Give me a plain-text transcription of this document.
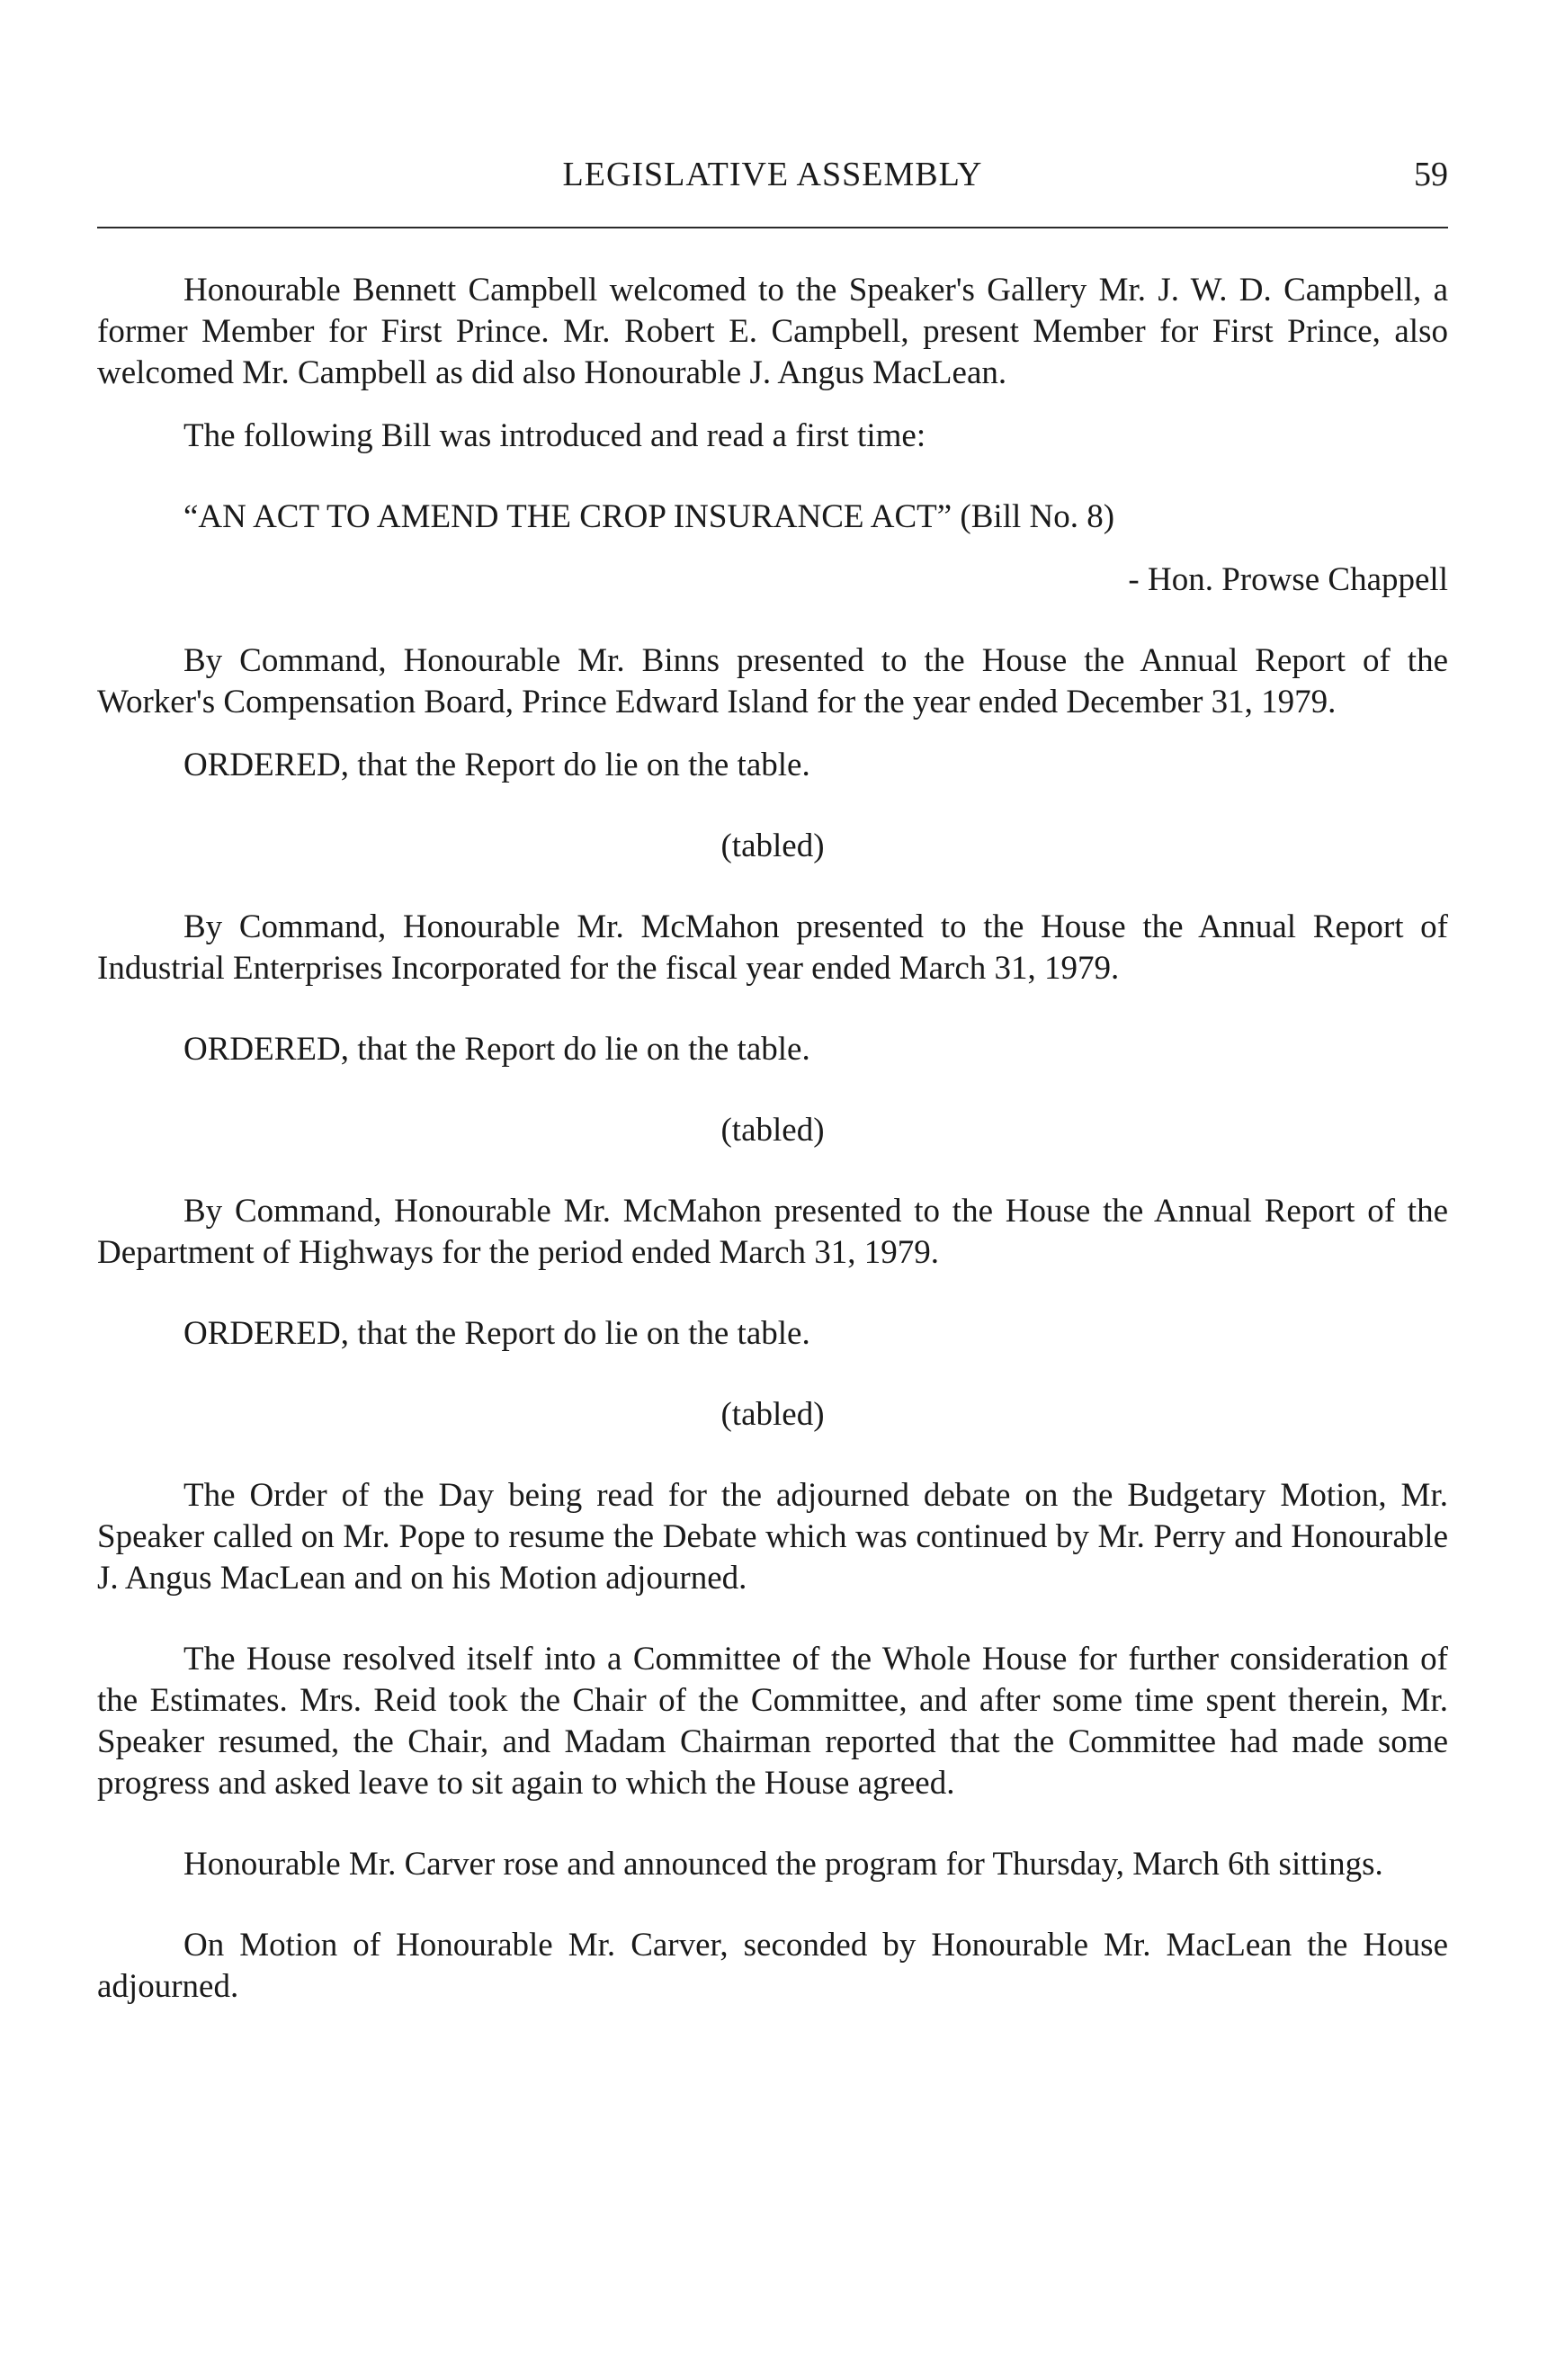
LEGISLATIVE ASSEMBLY	59

Honourable Bennett Campbell welcomed to the Speaker's Gallery Mr. J. W. D. Campbell, a former Member for First Prince. Mr. Robert E. Campbell, present Member for First Prince, also welcomed Mr. Campbell as did also Honourable J. Angus MacLean.

The following Bill was introduced and read a first time:

“AN ACT TO AMEND THE CROP INSURANCE ACT” (Bill No. 8)

- Hon. Prowse Chappell

By Command, Honourable Mr. Binns presented to the House the Annual Report of the Worker's Compensation Board, Prince Edward Island for the year ended December 31, 1979.

ORDERED, that the Report do lie on the table.

(tabled)

By Command, Honourable Mr. McMahon presented to the House the Annual Report of Industrial Enterprises Incorporated for the fiscal year ended March 31, 1979.

ORDERED, that the Report do lie on the table.

(tabled)

By Command, Honourable Mr. McMahon presented to the House the Annual Report of the Department of Highways for the period ended March 31, 1979.

ORDERED, that the Report do lie on the table.

(tabled)

The Order of the Day being read for the adjourned debate on the Budgetary Motion, Mr. Speaker called on Mr. Pope to resume the Debate which was continued by Mr. Perry and Honourable J. Angus MacLean and on his Motion adjourned.

The House resolved itself into a Committee of the Whole House for further consideration of the Estimates. Mrs. Reid took the Chair of the Committee, and after some time spent therein, Mr. Speaker resumed, the Chair, and Madam Chairman reported that the Committee had made some progress and asked leave to sit again to which the House agreed.

Honourable Mr. Carver rose and announced the program for Thursday, March 6th sittings.

On Motion of Honourable Mr. Carver, seconded by Honourable Mr. MacLean the House adjourned.
